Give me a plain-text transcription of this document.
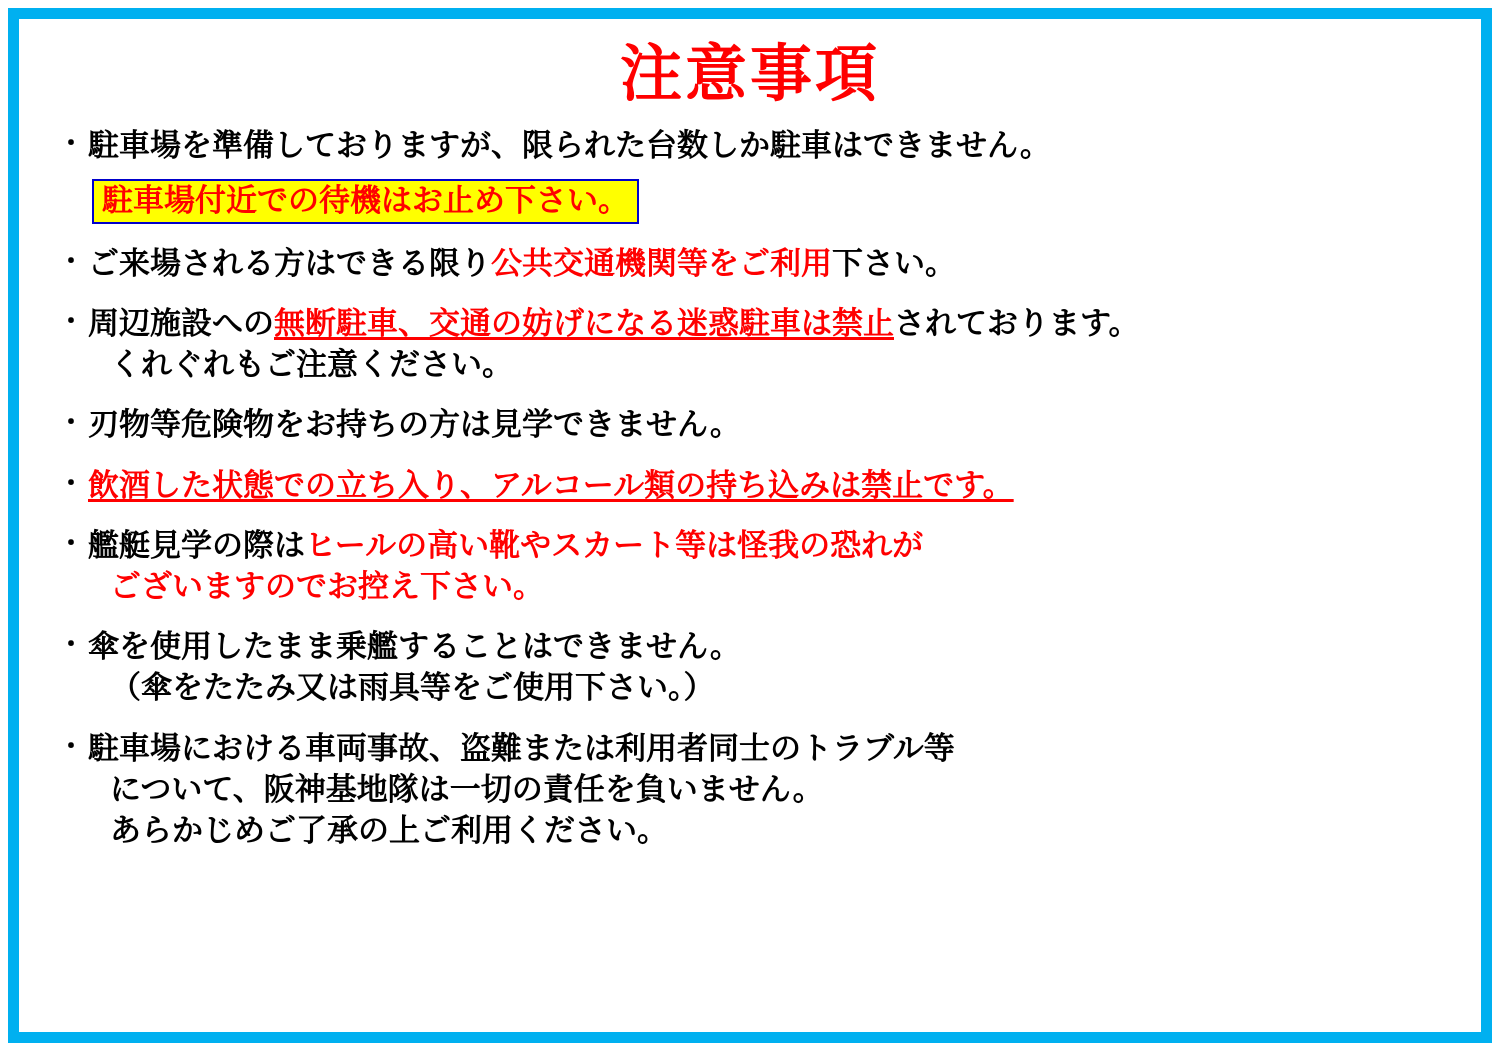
注意事項
・ 駐車場を準備しておりますが、限られた台数しか駐車はできません。
駐車場付近での待機はお止め下さい。
・ ご来場される方はできる限り公共交通機関等をご利用下さい。
・ 周辺施設への無断駐車、交通の妨げになる迷惑駐車は禁止されております。
くれぐれもご注意ください。
・ 刃物等危険物をお持ちの方は見学できません。
・ 飲酒した状態での立ち入り、アルコール類の持ち込みは禁止です。
・ 艦艇見学の際はヒールの高い靴やスカート等は怪我の恐れが
ございますのでお控え下さい。
・ 傘を使用したまま乗艦することはできません。
（傘をたたみ又は雨具等をご使用下さい。）
・ 駐車場における車両事故、盗難または利用者同士のトラブル等
について、阪神基地隊は一切の責任を負いません。
あらかじめご了承の上ご利用ください。
